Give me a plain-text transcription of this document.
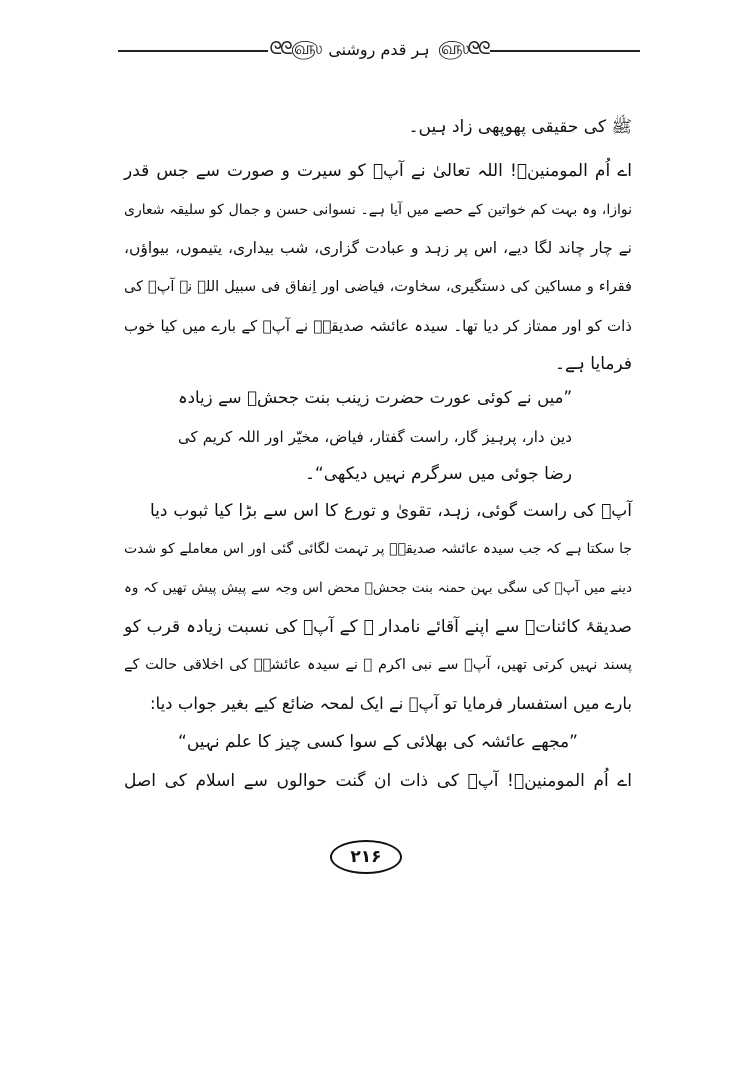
ᘓᘓ௵
ہر قدم روشنی
௵ᘓᘓ
ﷺ کی حقیقی پھوپھی زاد ہیں۔
اے اُم المومنینؓ! اللہ تعالیٰ نے آپؓ کو سیرت و صورت سے جس قدر
نوازا، وہ بہت کم خواتین کے حصے میں آیا ہے۔ نسوانی حسن و جمال کو سلیقہ شعاری
نے چار چاند لگا دیے، اس پر زہد و عبادت گزاری، شب بیداری، یتیموں، بیواؤں،
فقراء و مساکین کی دستگیری، سخاوت، فیاضی اور اِنفاق فی سبیل اللہ نے آپؓ کی
ذات کو اور ممتاز کر دیا تھا۔ سیدہ عائشہ صدیقہؓ نے آپؓ کے بارے میں کیا خوب
فرمایا ہے۔
”میں نے کوئی عورت حضرت زینب بنت جحشؓ سے زیادہ
دین دار، پرہیز گار، راست گفتار، فیاض، مخیّر اور اللہ کریم کی
رضا جوئی میں سرگرم نہیں دیکھی“۔
آپؓ کی راست گوئی، زہد، تقویٰ و تورع کا اس سے بڑا کیا ثبوب دیا
جا سکتا ہے کہ جب سیدہ عائشہ صدیقہؓ پر تہمت لگائی گئی اور اس معاملے کو شدت
دینے میں آپؓ کی سگی بہن حمنہ بنت جحشؓ محض اس وجہ سے پیش پیش تھیں کہ وہ
صدیقۂ کائناتؓ سے اپنے آقائے نامدار ﷺ کے آپؓ کی نسبت زیادہ قرب کو
پسند نہیں کرتی تھیں، آپؓ سے نبی اکرم ﷺ نے سیدہ عائشہؓ کی اخلاقی حالت کے
بارے میں استفسار فرمایا تو آپؓ نے ایک لمحہ ضائع کیے بغیر جواب دیا:
”مجھے عائشہ کی بھلائی کے سوا کسی چیز کا علم نہیں“
اے اُم المومنینؓ! آپؓ کی ذات ان گنت حوالوں سے اسلام کی اصل
۲۱۶
